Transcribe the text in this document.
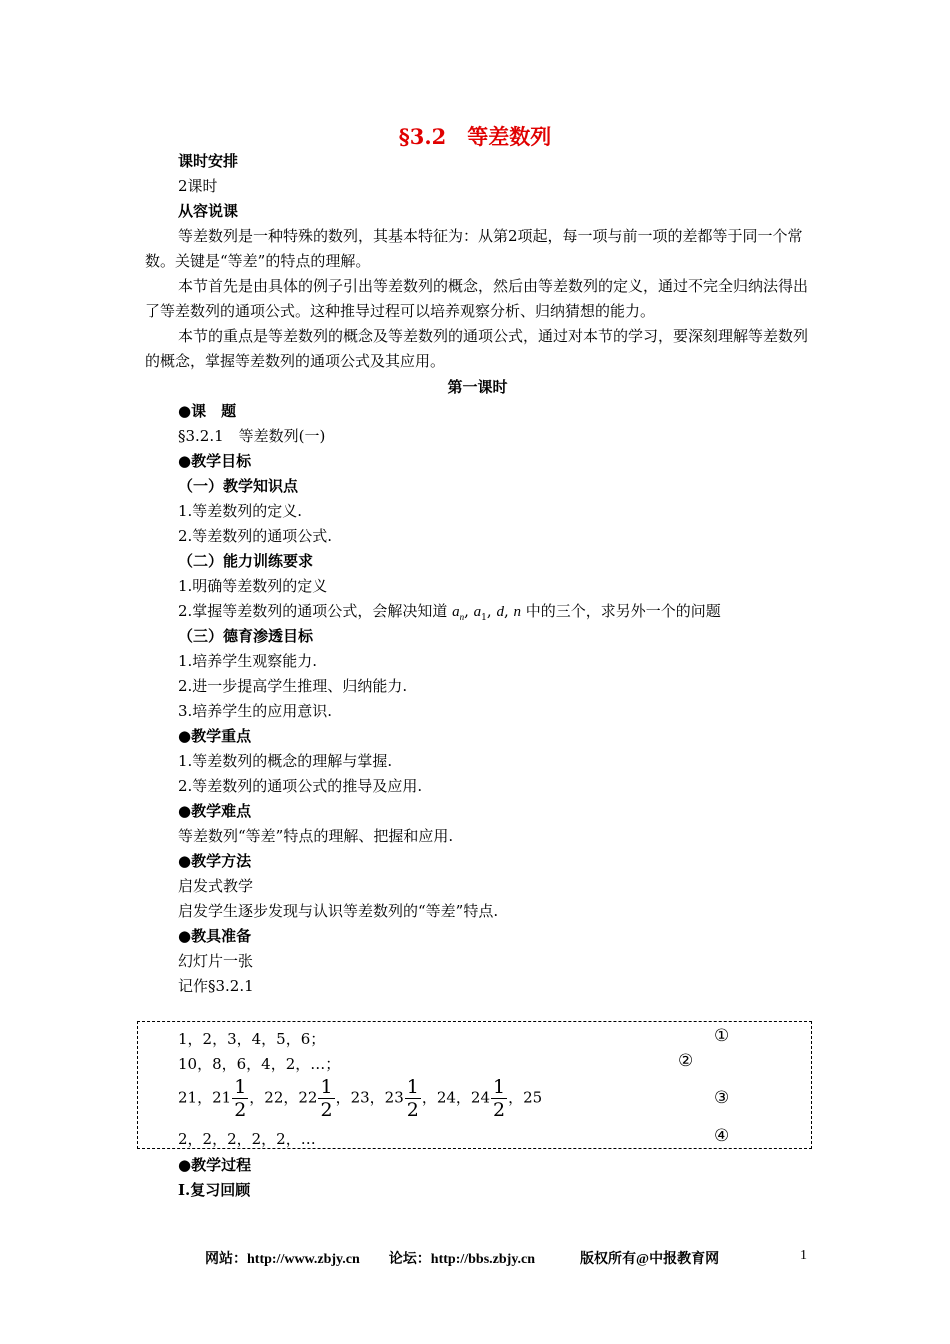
§3.2　等差数列
课时安排
2课时
从容说课
等差数列是一种特殊的数列，其基本特征为：从第2项起，每一项与前一项的差都等于同一个常数。关键是“等差”的特点的理解。
本节首先是由具体的例子引出等差数列的概念，然后由等差数列的定义，通过不完全归纳法得出了等差数列的通项公式。这种推导过程可以培养观察分析、归纳猜想的能力。
本节的重点是等差数列的概念及等差数列的通项公式，通过对本节的学习，要深刻理解等差数列的概念，掌握等差数列的通项公式及其应用。
第一课时
●课　题
§3.2.1　等差数列(一)
●教学目标
（一）教学知识点
1.等差数列的定义.
2.等差数列的通项公式.
（二）能力训练要求
1.明确等差数列的定义
2.掌握等差数列的通项公式，会解决知道 $a_n$, $a_1$, d, n 中的三个，求另外一个的问题
（三）德育渗透目标
1.培养学生观察能力.
2.进一步提高学生推理、归纳能力.
3.培养学生的应用意识.
●教学重点
1.等差数列的概念的理解与掌握.
2.等差数列的通项公式的推导及应用.
●教学难点
等差数列“等差”特点的理解、把握和应用.
●教学方法
启发式教学
启发学生逐步发现与认识等差数列的“等差”特点.
●教具准备
幻灯片一张
记作§3.2.1
1，2，3，4，5，6；	①
10，8，6，4，2，…；	②
21，$21 \frac{1}{2}$ ，22，$22 \frac{1}{2}$ ，23，$23 \frac{1}{2}$ ，24，$24 \frac{1}{2}$ ，25	③
2，2，2，2，2，…	④
●教学过程
Ⅰ.复习回顾
网站：http://www.zbjy.cn 论坛：http://bbs.zbjy.cn	版权所有@中报教育网	1
